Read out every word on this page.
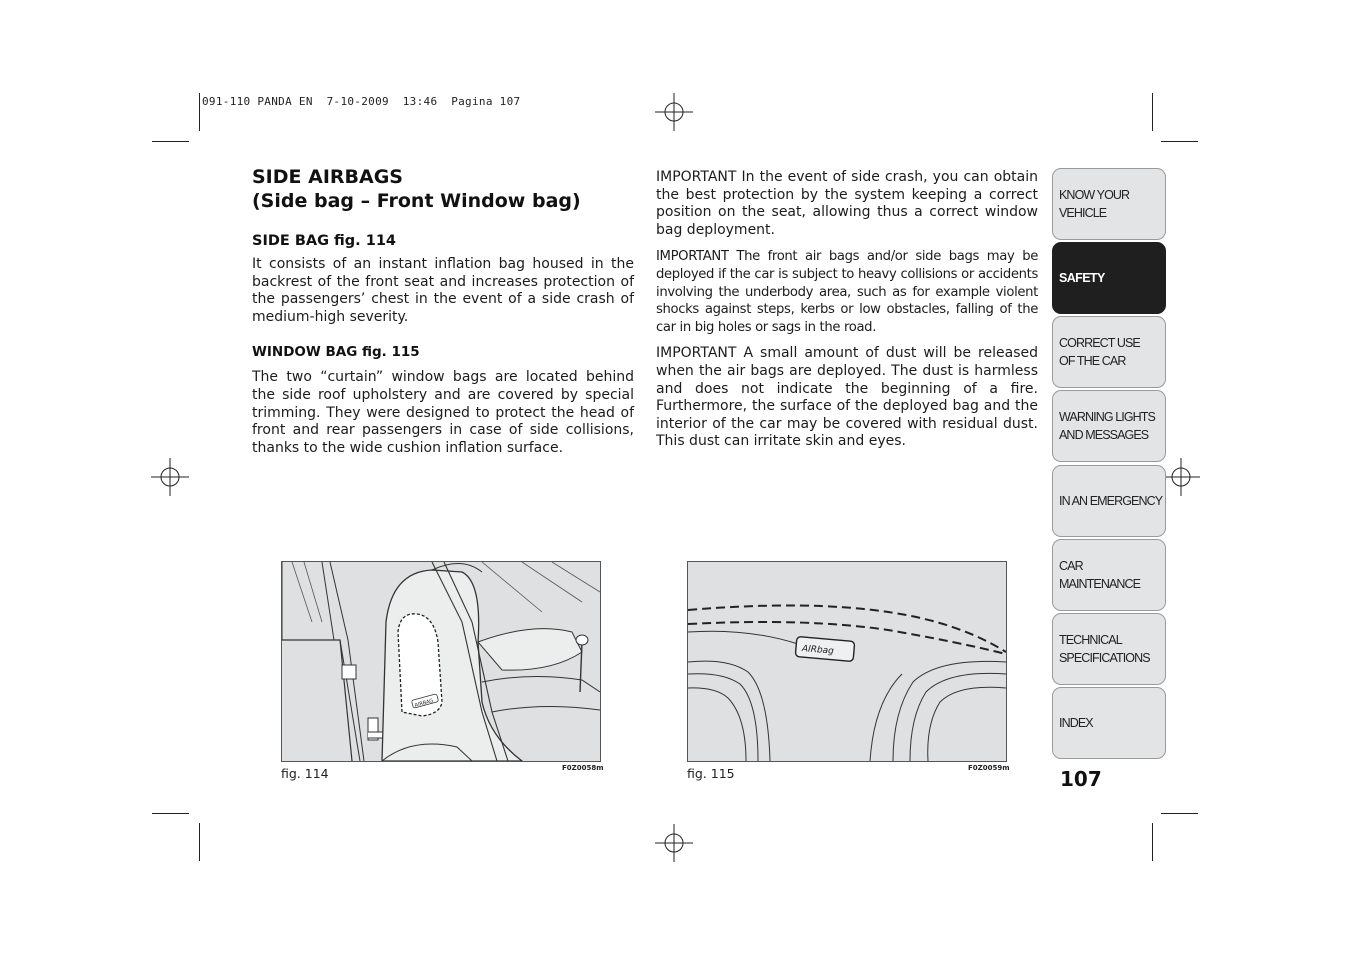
091-110 PANDA EN  7-10-2009  13:46  Pagina 107
SIDE AIRBAGS
(Side bag – Front Window bag)
SIDE BAG fig. 114

It consists of an instant inflation bag housed in the backrest of the front seat and increases protection of the passengers’ chest in the event of a side crash of medium-high severity.

WINDOW BAG fig. 115

The two “curtain” window bags are located behind the side roof upholstery and are covered by special trimming. They were designed to protect the head of front and rear passengers in case of side collisions, thanks to the wide cushion inflation surface.

IMPORTANT In the event of side crash, you can obtain the best protection by the system keeping a correct position on the seat, allowing thus a correct window bag deployment.

IMPORTANT The front air bags and/or side bags may be deployed if the car is subject to heavy collisions or accidents involving the underbody area, such as for example violent shocks against steps, kerbs or low obstacles, falling of the car in big holes or sags in the road.

IMPORTANT A small amount of dust will be released when the air bags are deployed. The dust is harmless and does not indicate the beginning of a fire. Furthermore, the surface of the deployed bag and the interior of the car may be covered with residual dust. This dust can irritate skin and eyes.

KNOW YOUR
VEHICLE
SAFETY
CORRECT USE
OF THE CAR
WARNING LIGHTS
AND MESSAGES
IN AN EMERGENCY
CAR
MAINTENANCE
TECHNICAL
SPECIFICATIONS
INDEX
107
AIRBAG
fig. 114	F0Z0058m
AIRbag
fig. 115	F0Z0059m
